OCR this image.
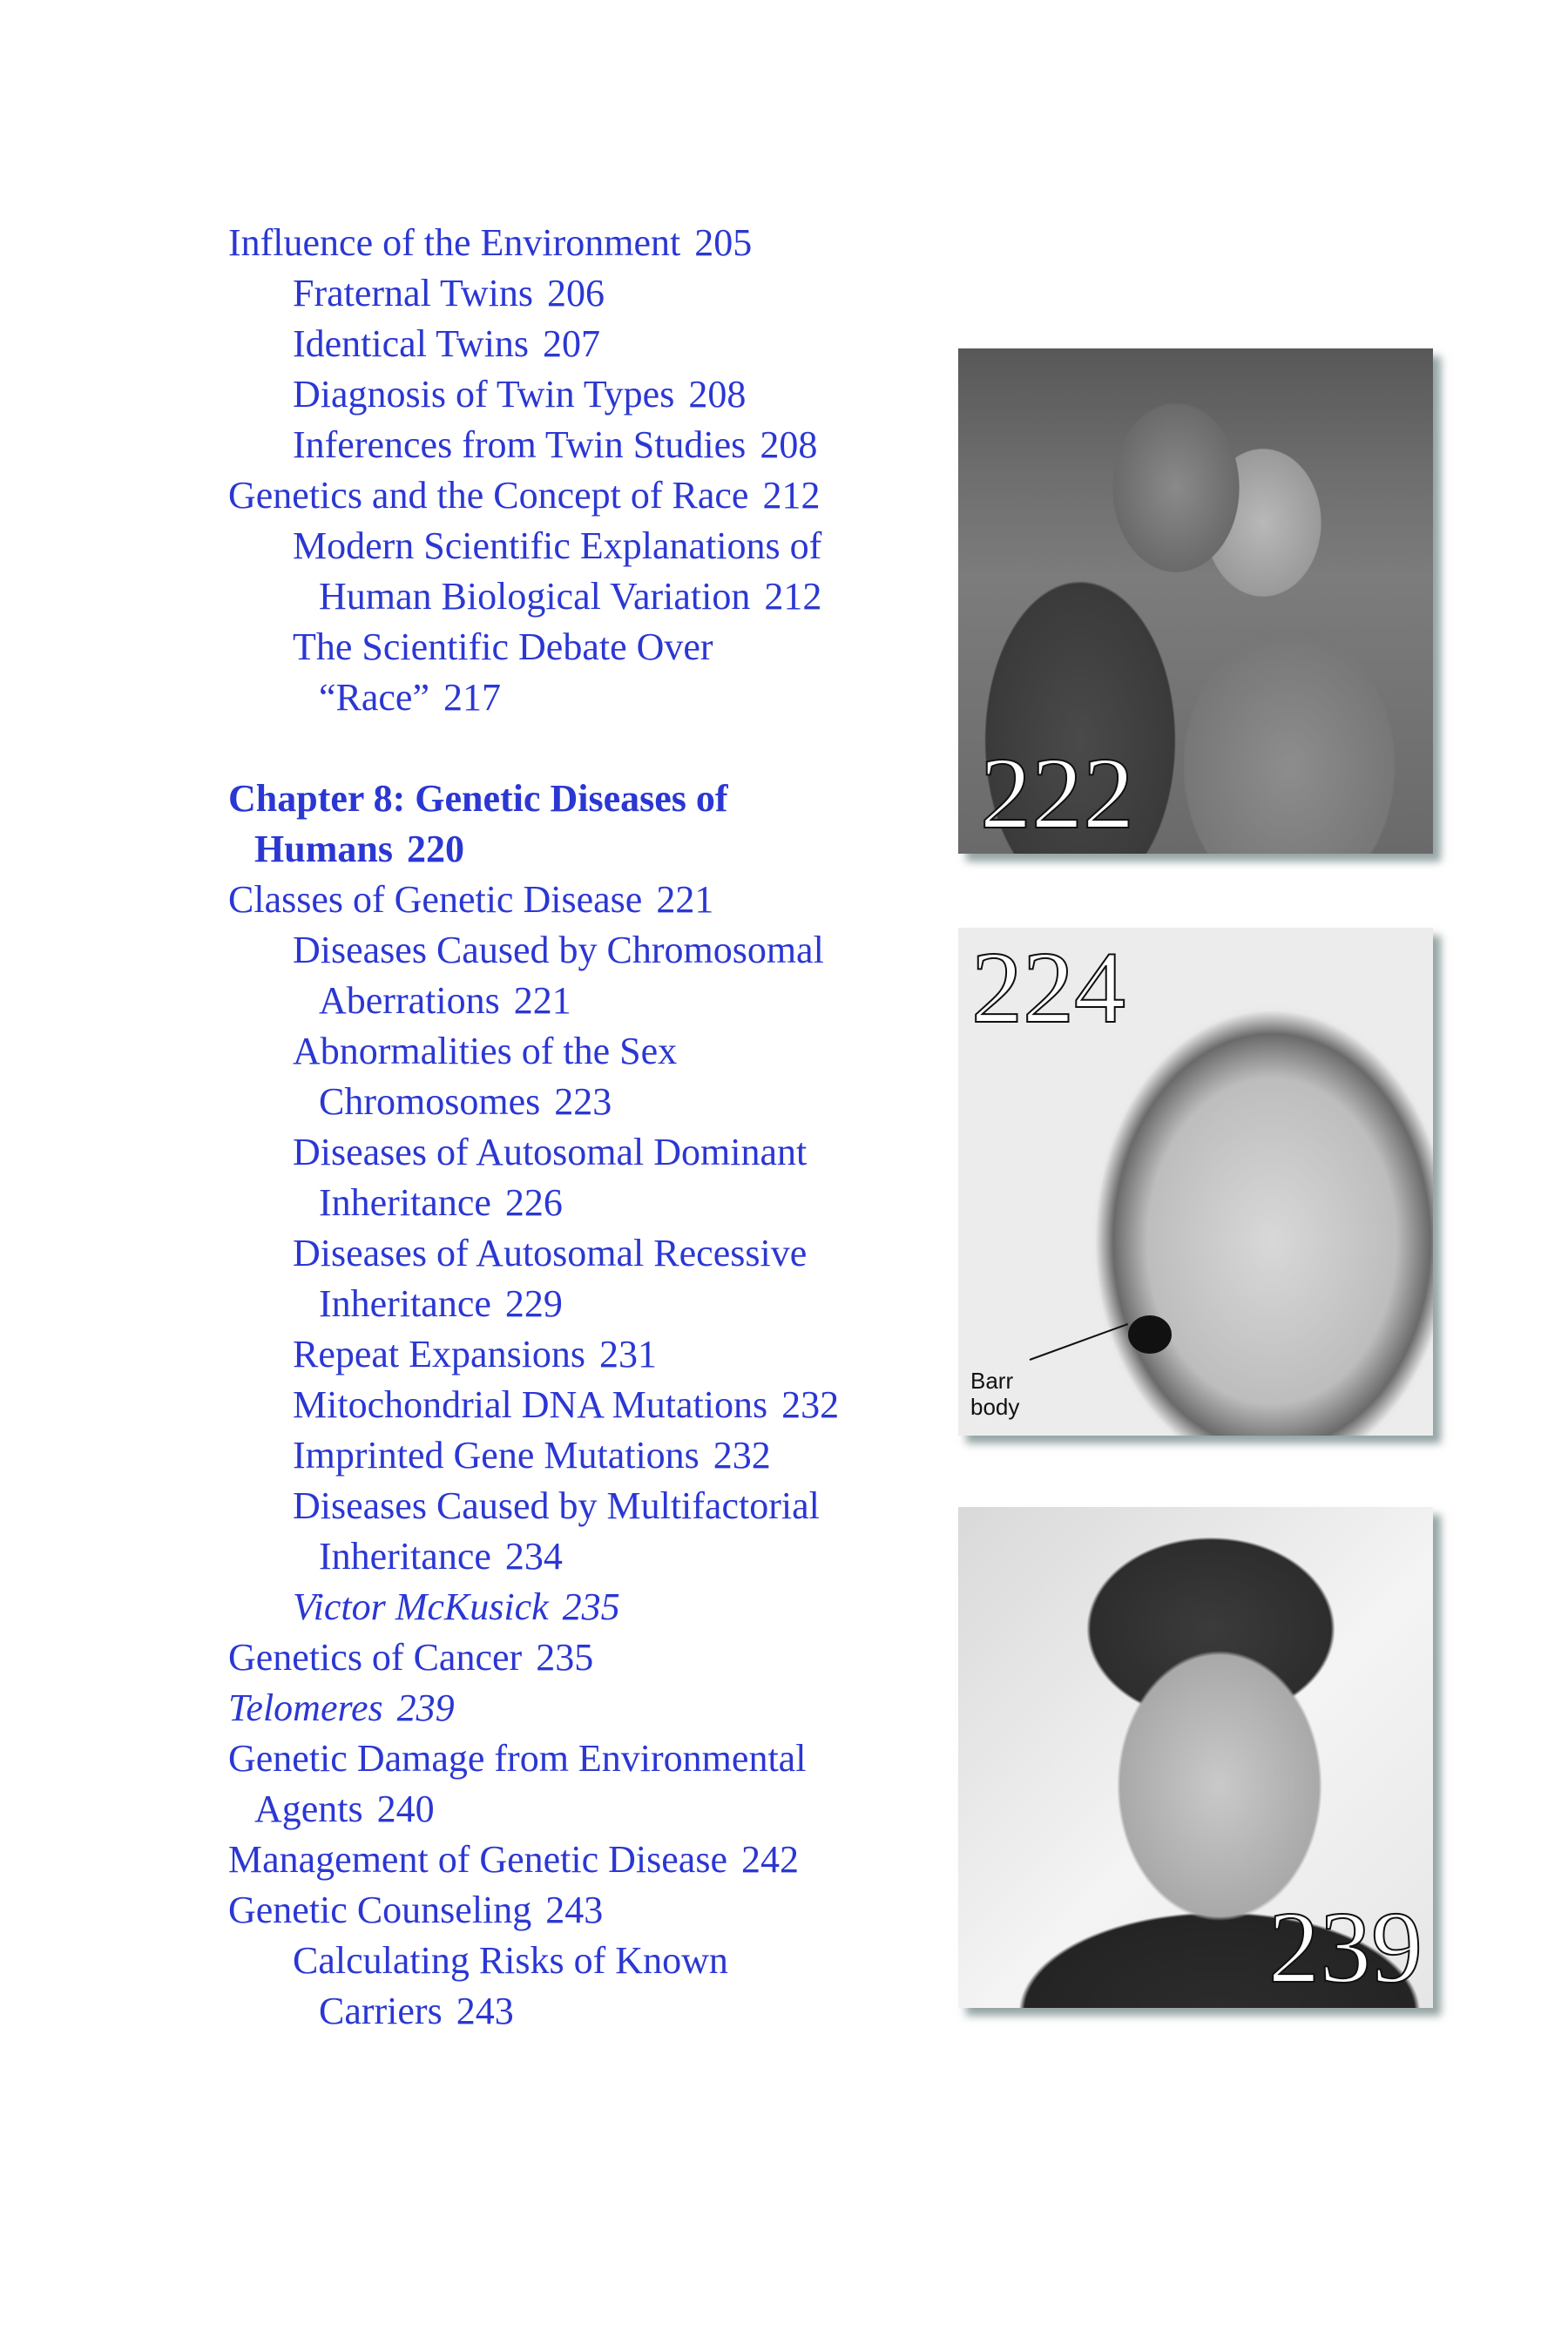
Influence of the Environment 205
Fraternal Twins 206
Identical Twins 207
Diagnosis of Twin Types 208
Inferences from Twin Studies 208
Genetics and the Concept of Race 212
Modern Scientific Explanations of
Human Biological Variation 212
The Scientific Debate Over
“Race” 217
Chapter 8: Genetic Diseases of
Humans 220
Classes of Genetic Disease 221
Diseases Caused by Chromosomal
Aberrations 221
Abnormalities of the Sex
Chromosomes 223
Diseases of Autosomal Dominant
Inheritance 226
Diseases of Autosomal Recessive
Inheritance 229
Repeat Expansions 231
Mitochondrial DNA Mutations 232
Imprinted Gene Mutations 232
Diseases Caused by Multifactorial
Inheritance 234
Victor McKusick 235
Genetics of Cancer 235
Telomeres 239
Genetic Damage from Environmental
Agents 240
Management of Genetic Disease 242
Genetic Counseling 243
Calculating Risks of Known
Carriers 243
222
224
Barr
body
239
